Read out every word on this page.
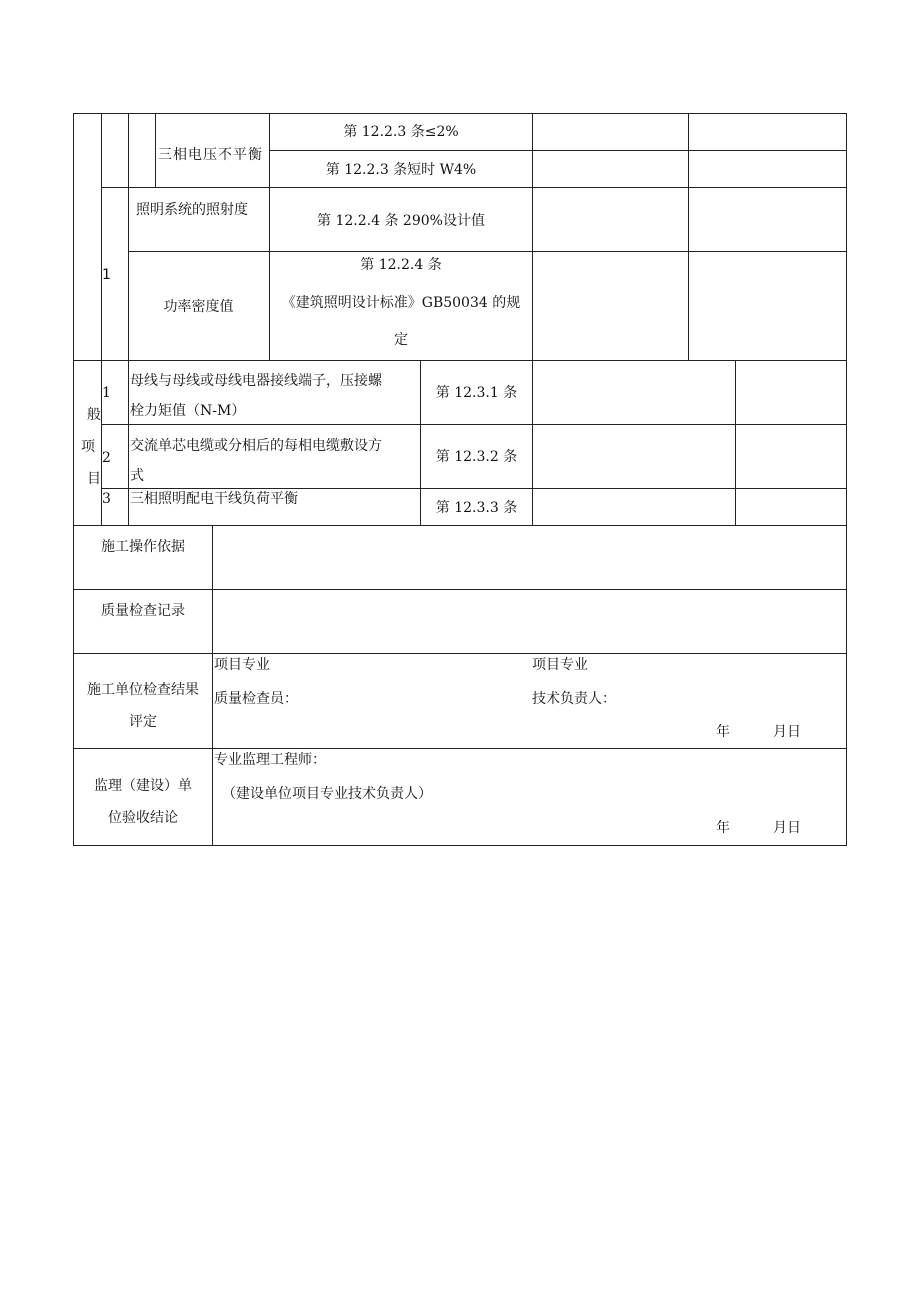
1
三相电压不平衡
第 12.2.3 条≤2%
第 12.2.3 条短时 W4%
照明系统的照射度
第 12.2.4 条 290%设计值
功率密度值
第 12.2.4 条
《建筑照明设计标准》GB50034 的规
定
般
项
目
1
母线与母线或母线电器接线端子，压接螺
栓力矩值（N-M）
第 12.3.1 条
2
交流单芯电缆或分相后的每相电缆敷设方
式
第 12.3.2 条
3 三相照明配电干线负荷平衡
第 12.3.3 条
施工操作依据
质量检查记录
施工单位检查结果
评定
项目专业
质量检查员：
项目专业
技术负责人：
年	月日
监理（建设）单
位验收结论
专业监理工程师：
（建设单位项目专业技术负责人）
年	月日
